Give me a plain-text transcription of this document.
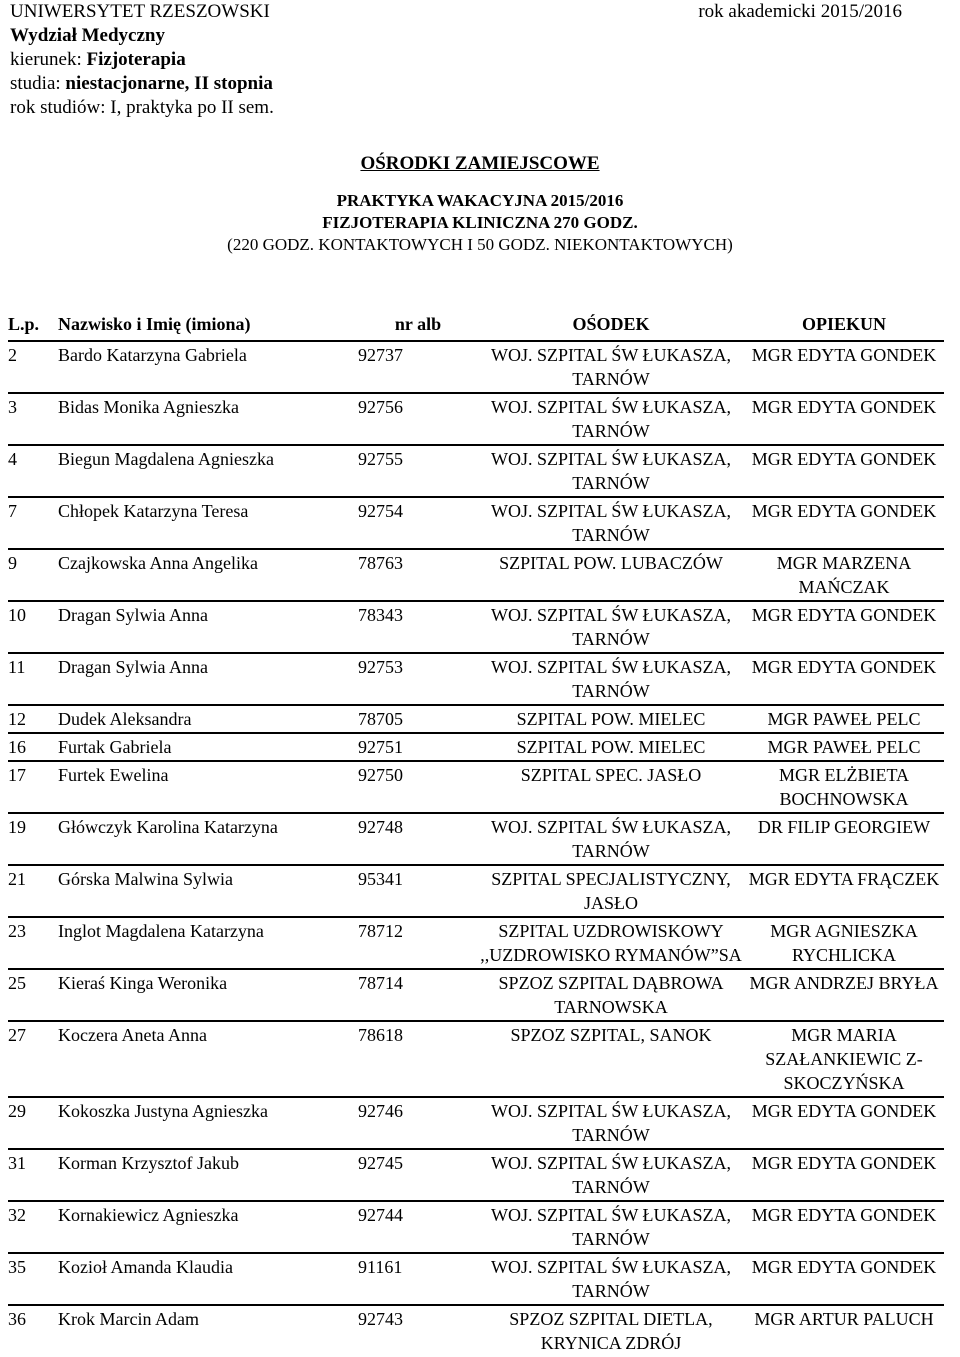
UNIWERSYTET RZESZOWSKI
Wydział Medyczny
kierunek: Fizjoterapia
studia: niestacjonarne, II stopnia
rok studiów: I, praktyka po II sem.
rok akademicki 2015/2016
OŚRODKI ZAMIEJSCOWE
PRAKTYKA WAKACYJNA 2015/2016
FIZJOTERAPIA KLINICZNA 270 GODZ.
(220 GODZ. KONTAKTOWYCH I 50 GODZ. NIEKONTAKTOWYCH)
L.p.	Nazwisko i Imię (imiona)	nr alb	OŚODEK	OPIEKUN
2	Bardo Katarzyna Gabriela	92737	WOJ. SZPITAL ŚW ŁUKASZA, TARNÓW	MGR EDYTA GONDEK
3	Bidas Monika Agnieszka	92756	WOJ. SZPITAL ŚW ŁUKASZA, TARNÓW	MGR EDYTA GONDEK
4	Biegun Magdalena Agnieszka	92755	WOJ. SZPITAL ŚW ŁUKASZA, TARNÓW	MGR EDYTA GONDEK
7	Chłopek Katarzyna Teresa	92754	WOJ. SZPITAL ŚW ŁUKASZA, TARNÓW	MGR EDYTA GONDEK
9	Czajkowska Anna Angelika	78763	SZPITAL POW. LUBACZÓW	MGR MARZENA MAŃCZAK
10	Dragan Sylwia Anna	78343	WOJ. SZPITAL ŚW ŁUKASZA, TARNÓW	MGR EDYTA GONDEK
11	Dragan Sylwia Anna	92753	WOJ. SZPITAL ŚW ŁUKASZA, TARNÓW	MGR EDYTA GONDEK
12	Dudek Aleksandra	78705	SZPITAL POW. MIELEC	MGR PAWEŁ PELC
16	Furtak Gabriela	92751	SZPITAL POW. MIELEC	MGR PAWEŁ PELC
17	Furtek Ewelina	92750	SZPITAL SPEC. JASŁO	MGR ELŻBIETA BOCHNOWSKA
19	Główczyk Karolina Katarzyna	92748	WOJ. SZPITAL ŚW ŁUKASZA, TARNÓW	DR FILIP GEORGIEW
21	Górska Malwina Sylwia	95341	SZPITAL SPECJALISTYCZNY, JASŁO	MGR EDYTA FRĄCZEK
23	Inglot Magdalena Katarzyna	78712	SZPITAL UZDROWISKOWY ,,UZDROWISKO RYMANÓW”SA	MGR AGNIESZKA RYCHLICKA
25	Kieraś Kinga Weronika	78714	SPZOZ SZPITAL DĄBROWA TARNOWSKA	MGR ANDRZEJ BRYŁA
27	Koczera Aneta Anna	78618	SPZOZ SZPITAL, SANOK	MGR MARIA SZAŁANKIEWIC Z-SKOCZYŃSKA
29	Kokoszka Justyna Agnieszka	92746	WOJ. SZPITAL ŚW ŁUKASZA, TARNÓW	MGR EDYTA GONDEK
31	Korman Krzysztof Jakub	92745	WOJ. SZPITAL ŚW ŁUKASZA, TARNÓW	MGR EDYTA GONDEK
32	Kornakiewicz Agnieszka	92744	WOJ. SZPITAL ŚW ŁUKASZA, TARNÓW	MGR EDYTA GONDEK
35	Kozioł Amanda Klaudia	91161	WOJ. SZPITAL ŚW ŁUKASZA, TARNÓW	MGR EDYTA GONDEK
36	Krok Marcin Adam	92743	SPZOZ SZPITAL DIETLA, KRYNICA ZDRÓJ	MGR ARTUR PALUCH
